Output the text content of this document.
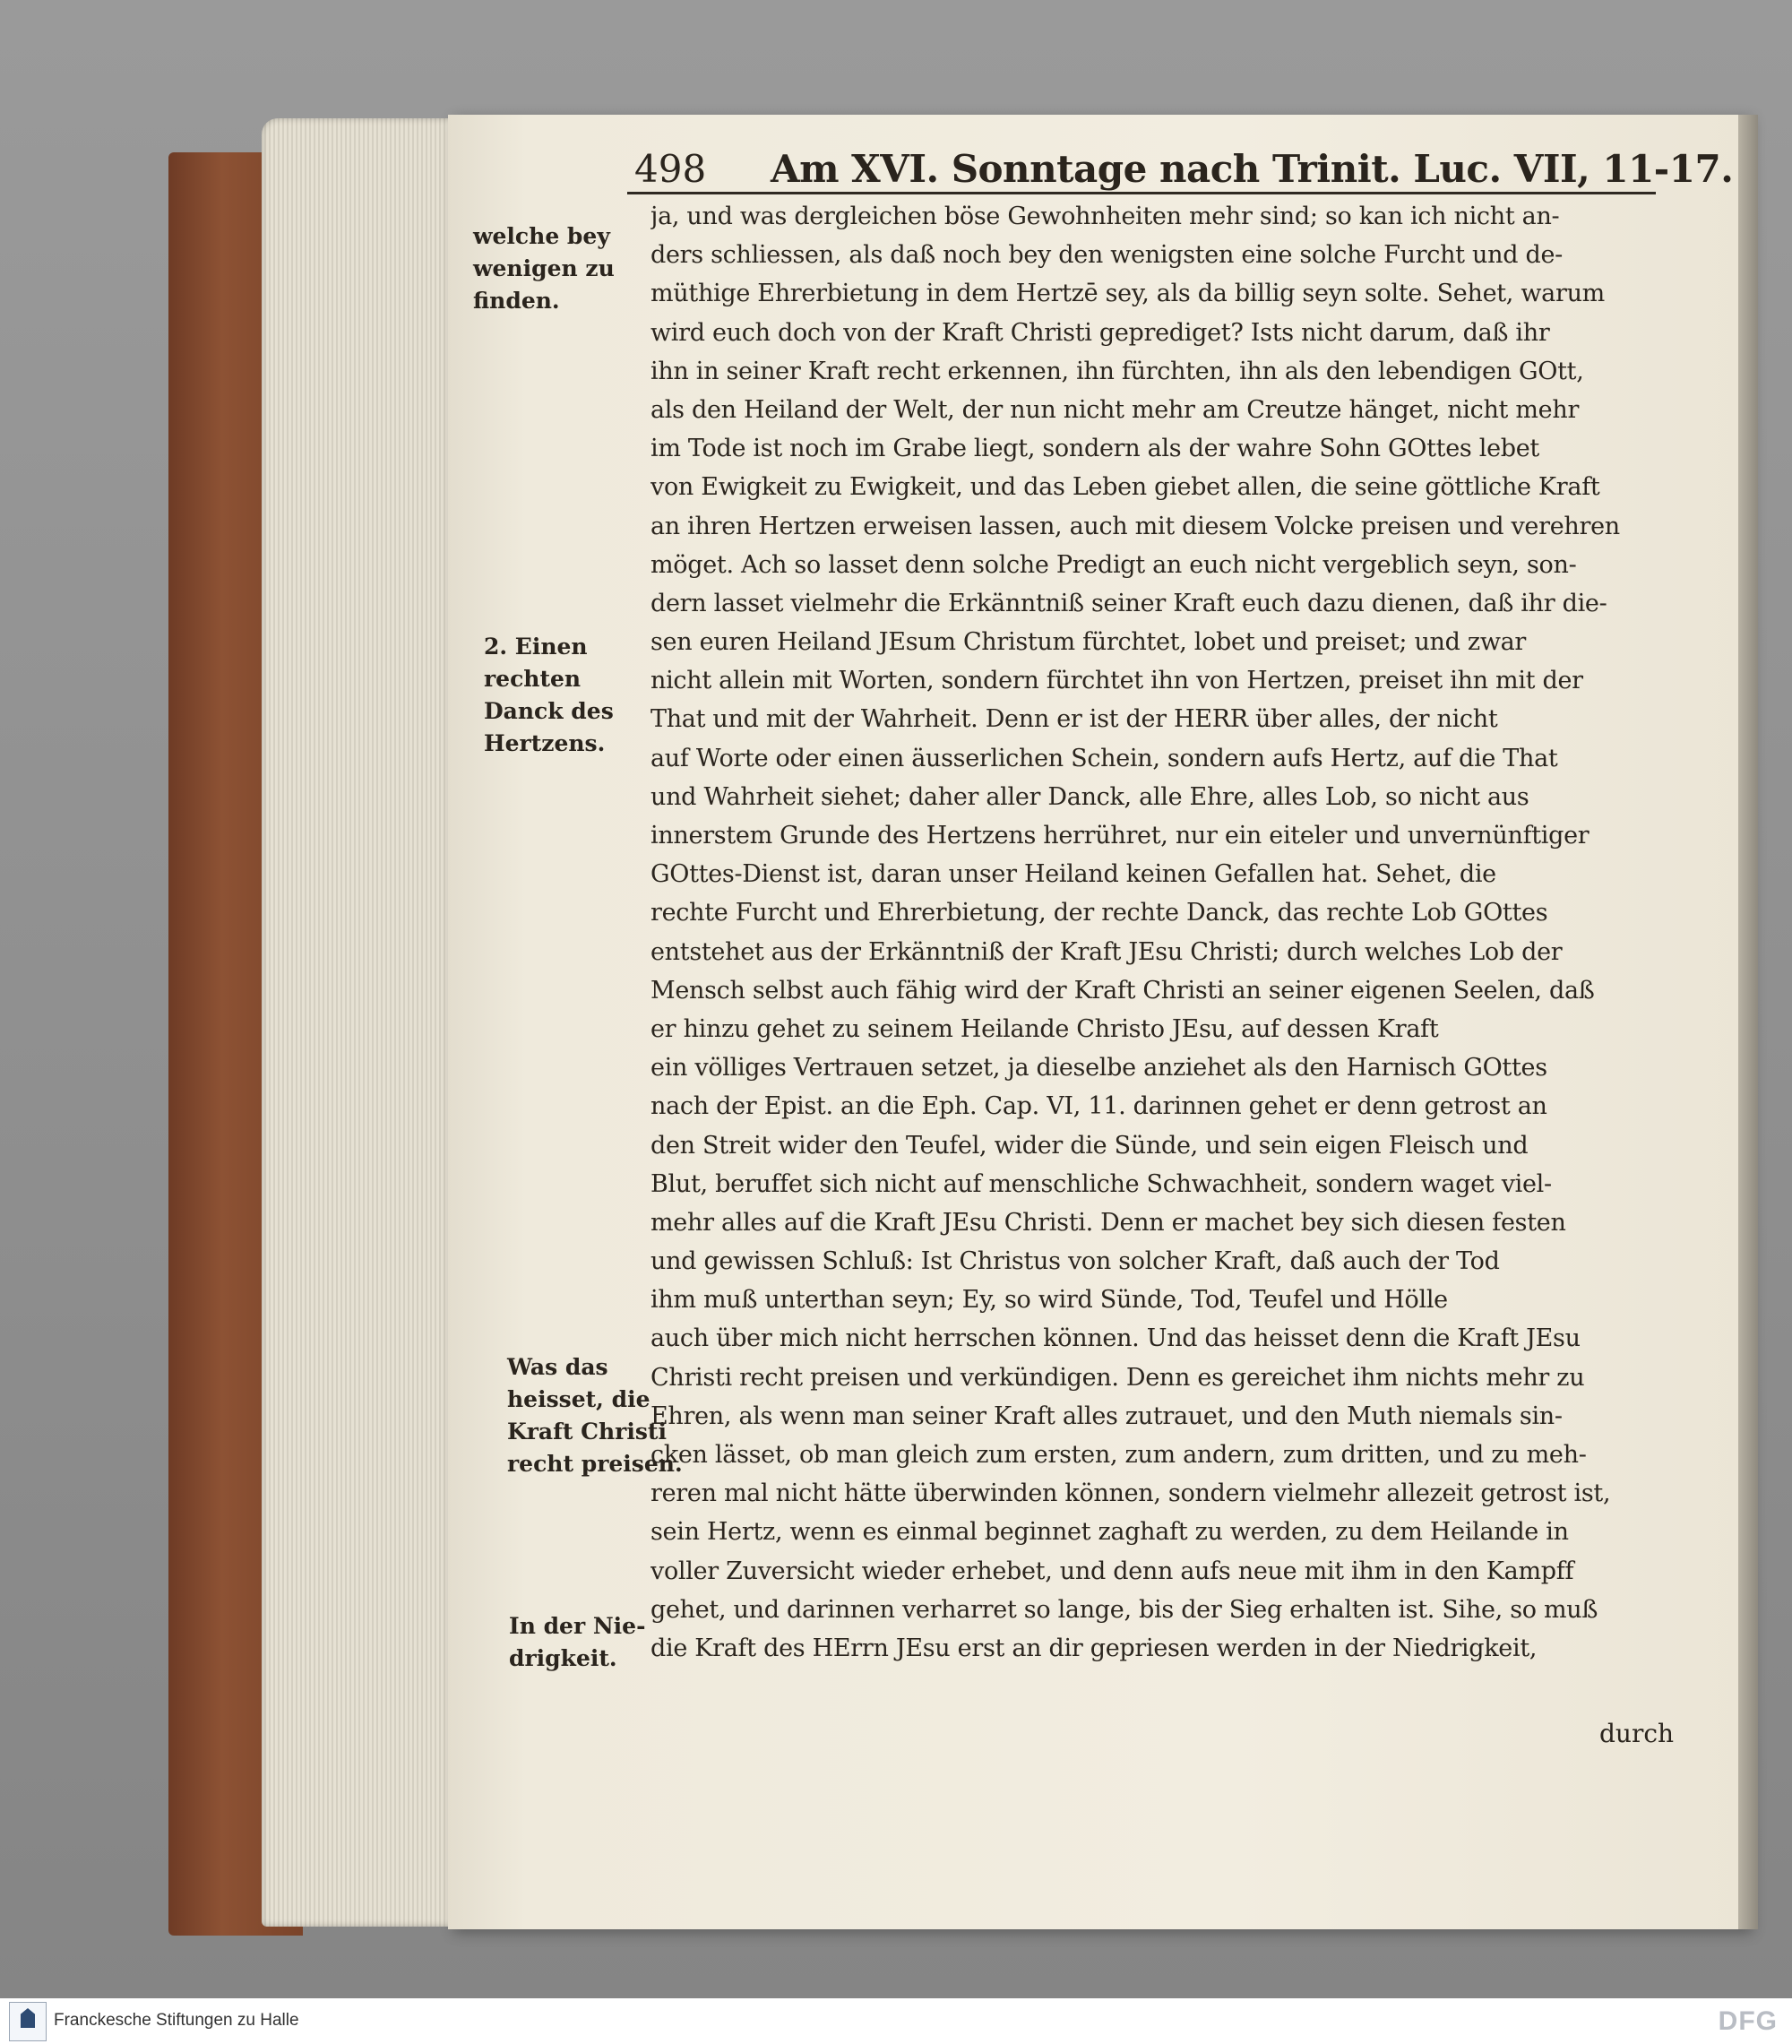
498 Am XVI. Sonntage nach Trinit. Luc. VII, 11-17.
welche bey
wenigen zu
finden.
2. Einen
rechten
Danck des
Hertzens.
Was das
heisset, die
Kraft Christi
recht preisen.
In der Nie-
drigkeit.
ja, und was dergleichen böse Gewohnheiten mehr sind; so kan ich nicht an-
ders schliessen, als daß noch bey den wenigsten eine solche Furcht und de-
müthige Ehrerbietung in dem Hertzē sey, als da billig seyn solte. Sehet, warum
wird euch doch von der Kraft Christi geprediget? Ists nicht darum, daß ihr
ihn in seiner Kraft recht erkennen, ihn fürchten, ihn als den lebendigen GOtt,
als den Heiland der Welt, der nun nicht mehr am Creutze hänget, nicht mehr
im Tode ist noch im Grabe liegt, sondern als der wahre Sohn GOttes lebet
von Ewigkeit zu Ewigkeit, und das Leben giebet allen, die seine göttliche Kraft
an ihren Hertzen erweisen lassen, auch mit diesem Volcke preisen und verehren
möget. Ach so lasset denn solche Predigt an euch nicht vergeblich seyn, son-
dern lasset vielmehr die Erkänntniß seiner Kraft euch dazu dienen, daß ihr die-
sen euren Heiland JEsum Christum fürchtet, lobet und preiset; und zwar
nicht allein mit Worten, sondern fürchtet ihn von Hertzen, preiset ihn mit der
That und mit der Wahrheit. Denn er ist der HERR über alles, der nicht
auf Worte oder einen äusserlichen Schein, sondern aufs Hertz, auf die That
und Wahrheit siehet; daher aller Danck, alle Ehre, alles Lob, so nicht aus
innerstem Grunde des Hertzens herrühret, nur ein eiteler und unvernünftiger
GOttes-Dienst ist, daran unser Heiland keinen Gefallen hat. Sehet, die
rechte Furcht und Ehrerbietung, der rechte Danck, das rechte Lob GOttes
entstehet aus der Erkänntniß der Kraft JEsu Christi; durch welches Lob der
Mensch selbst auch fähig wird der Kraft Christi an seiner eigenen Seelen, daß
er hinzu gehet zu seinem Heilande Christo JEsu, auf dessen Kraft
ein völliges Vertrauen setzet, ja dieselbe anziehet als den Harnisch GOttes
nach der Epist. an die Eph. Cap. VI, 11. darinnen gehet er denn getrost an
den Streit wider den Teufel, wider die Sünde, und sein eigen Fleisch und
Blut, beruffet sich nicht auf menschliche Schwachheit, sondern waget viel-
mehr alles auf die Kraft JEsu Christi. Denn er machet bey sich diesen festen
und gewissen Schluß: Ist Christus von solcher Kraft, daß auch der Tod
ihm muß unterthan seyn; Ey, so wird Sünde, Tod, Teufel und Hölle
auch über mich nicht herrschen können. Und das heisset denn die Kraft JEsu
Christi recht preisen und verkündigen. Denn es gereichet ihm nichts mehr zu
Ehren, als wenn man seiner Kraft alles zutrauet, und den Muth niemals sin-
cken lässet, ob man gleich zum ersten, zum andern, zum dritten, und zu meh-
reren mal nicht hätte überwinden können, sondern vielmehr allezeit getrost ist,
sein Hertz, wenn es einmal beginnet zaghaft zu werden, zu dem Heilande in
voller Zuversicht wieder erhebet, und denn aufs neue mit ihm in den Kampff
gehet, und darinnen verharret so lange, bis der Sieg erhalten ist. Sihe, so muß
die Kraft des HErrn JEsu erst an dir gepriesen werden in der Niedrigkeit,
durch
Franckesche Stiftungen zu Halle	DFG
